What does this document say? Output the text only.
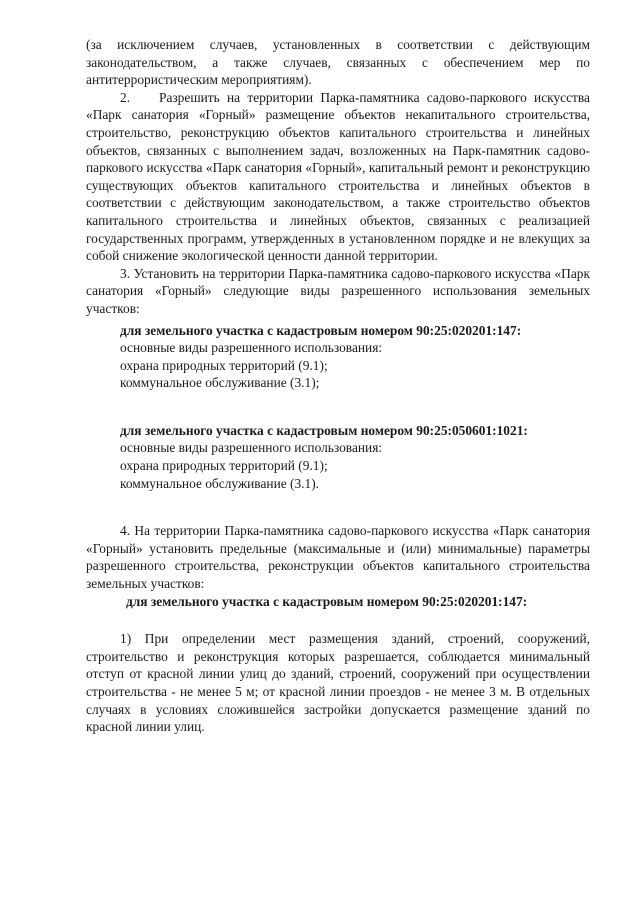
(за исключением случаев, установленных в соответствии с действующим законодательством, а также случаев, связанных с обеспечением мер по антитеррористическим мероприятиям).

2.    Разрешить на территории Парка-памятника садово-паркового искусства «Парк санатория «Горный» размещение объектов некапитального строительства, строительство, реконструкцию объектов капитального строительства и линейных объектов, связанных с выполнением задач, возложенных на Парк-памятник садово-паркового искусства «Парк санатория «Горный», капитальный ремонт и реконструкцию существующих объектов капитального строительства и линейных объектов в соответствии с действующим законодательством, а также строительство объектов капитального строительства и линейных объектов, связанных с реализацией государственных программ, утвержденных в установленном порядке и не влекущих за собой снижение экологической ценности данной территории.

3. Установить на территории Парка-памятника садово-паркового искусства «Парк санатория «Горный» следующие виды разрешенного использования земельных участков:

для земельного участка с кадастровым номером 90:25:020201:147:

основные виды разрешенного использования:

охрана природных территорий (9.1);

коммунальное обслуживание (3.1);

для земельного участка с кадастровым номером 90:25:050601:1021:

основные виды разрешенного использования:

охрана природных территорий (9.1);

коммунальное обслуживание (3.1).

4. На территории Парка-памятника садово-паркового искусства «Парк санатория «Горный» установить предельные (максимальные и (или) минимальные) параметры разрешенного строительства, реконструкции объектов капитального строительства земельных участков:

для земельного участка с кадастровым номером 90:25:020201:147:

1) При определении мест размещения зданий, строений, сооружений, строительство и реконструкция которых разрешается, соблюдается минимальный отступ от красной линии улиц до зданий, строений, сооружений при осуществлении строительства - не менее 5 м; от красной линии проездов - не менее 3 м. В отдельных случаях в условиях сложившейся застройки допускается размещение зданий по красной линии улиц.
